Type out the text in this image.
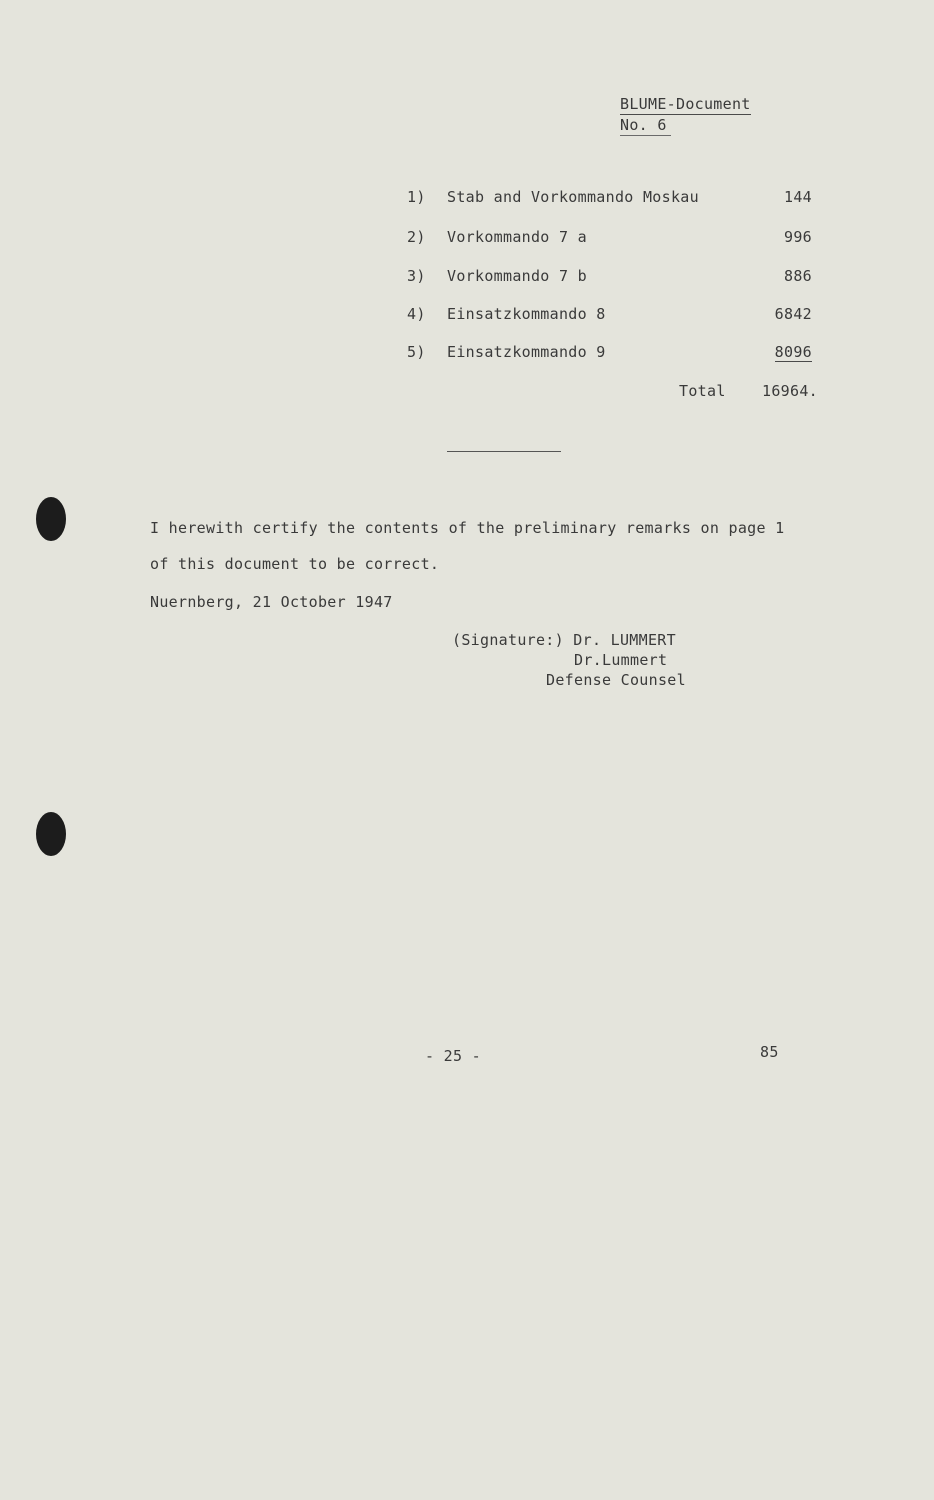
BLUME-Document
No. 6
1) Stab and Vorkommando Moskau	144
2) Vorkommando 7 a	996
3) Vorkommando 7 b	886
4) Einsatzkommando 8	6842
5) Einsatzkommando 9	8096
Total 16964.
I herewith certify the contents of the preliminary remarks on page 1
of this document to be correct.
Nuernberg, 21 October 1947
(Signature:) Dr. LUMMERT
Dr.Lummert
Defense Counsel
- 25 -	85
